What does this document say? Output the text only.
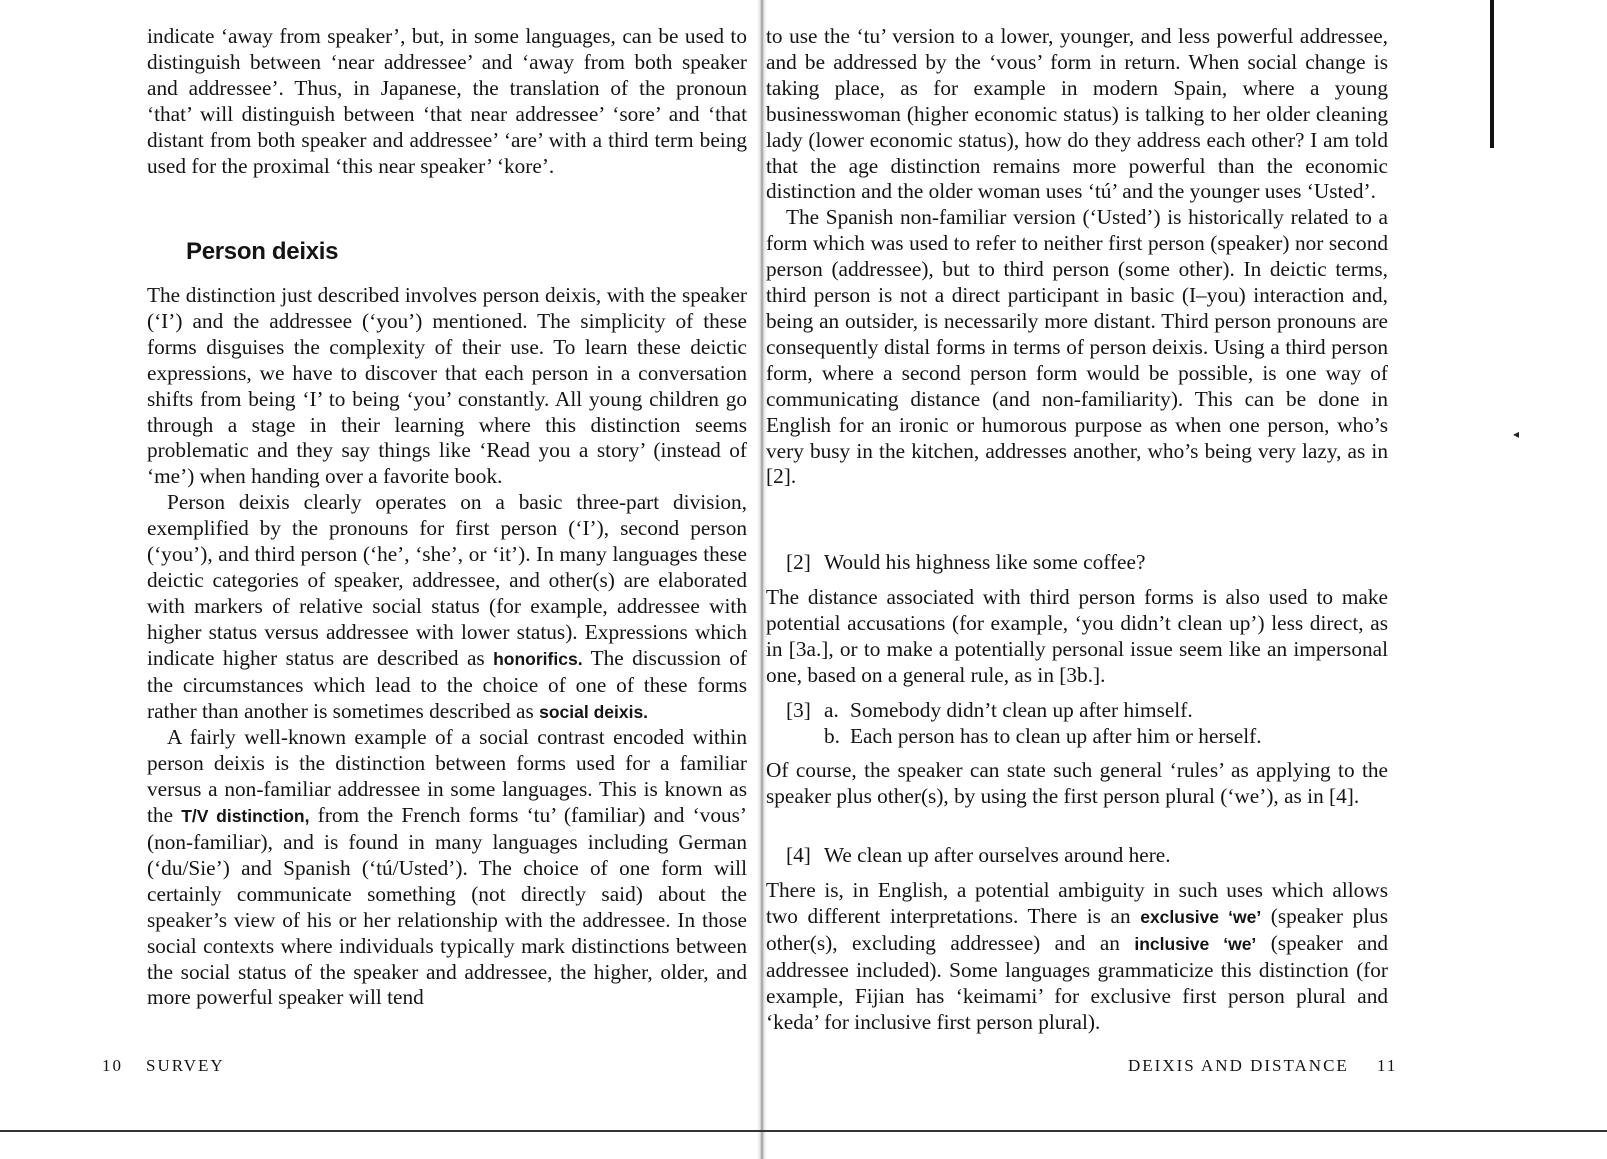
indicate ‘away from speaker’, but, in some languages, can be used to distinguish between ‘near addressee’ and ‘away from both speaker and addressee’. Thus, in Japanese, the translation of the pronoun ‘that’ will distinguish between ‘that near addressee’ ‘sore’ and ‘that distant from both speaker and addressee’ ‘are’ with a third term being used for the proximal ‘this near speaker’ ‘kore’.

Person deixis

The distinction just described involves person deixis, with the speaker (‘I’) and the addressee (‘you’) mentioned. The simplicity of these forms disguises the complexity of their use. To learn these deictic expressions, we have to discover that each person in a conversation shifts from being ‘I’ to being ‘you’ constantly. All young children go through a stage in their learning where this distinction seems problematic and they say things like ‘Read you a story’ (instead of ‘me’) when handing over a favorite book.

Person deixis clearly operates on a basic three-part division, exemplified by the pronouns for first person (‘I’), second person (‘you’), and third person (‘he’, ‘she’, or ‘it’). In many languages these deictic categories of speaker, addressee, and other(s) are elaborated with markers of relative social status (for example, addressee with higher status versus addressee with lower status). Expressions which indicate higher status are described as honorifics. The discussion of the circumstances which lead to the choice of one of these forms rather than another is sometimes described as social deixis.

A fairly well-known example of a social contrast encoded within person deixis is the distinction between forms used for a familiar versus a non-familiar addressee in some languages. This is known as the T/V distinction, from the French forms ‘tu’ (familiar) and ‘vous’ (non-familiar), and is found in many languages including German (‘du/Sie’) and Spanish (‘tú/Usted’). The choice of one form will certainly communicate something (not directly said) about the speaker’s view of his or her relationship with the addressee. In those social contexts where individuals typically mark distinctions between the social status of the speaker and addressee, the higher, older, and more powerful speaker will tend

10 SURVEY

to use the ‘tu’ version to a lower, younger, and less powerful addressee, and be addressed by the ‘vous’ form in return. When social change is taking place, as for example in modern Spain, where a young businesswoman (higher economic status) is talking to her older cleaning lady (lower economic status), how do they address each other? I am told that the age distinction remains more powerful than the economic distinction and the older woman uses ‘tú’ and the younger uses ‘Usted’.

The Spanish non-familiar version (‘Usted’) is historically related to a form which was used to refer to neither first person (speaker) nor second person (addressee), but to third person (some other). In deictic terms, third person is not a direct participant in basic (I–you) interaction and, being an outsider, is necessarily more distant. Third person pronouns are consequently distal forms in terms of person deixis. Using a third person form, where a second person form would be possible, is one way of communicating distance (and non-familiarity). This can be done in English for an ironic or humorous purpose as when one person, who’s very busy in the kitchen, addresses another, who’s being very lazy, as in [2].

[2] Would his highness like some coffee?

The distance associated with third person forms is also used to make potential accusations (for example, ‘you didn’t clean up’) less direct, as in [3a.], or to make a potentially personal issue seem like an impersonal one, based on a general rule, as in [3b.].

[3] a. Somebody didn’t clean up after himself.
b. Each person has to clean up after him or herself.

Of course, the speaker can state such general ‘rules’ as applying to the speaker plus other(s), by using the first person plural (‘we’), as in [4].

[4] We clean up after ourselves around here.

There is, in English, a potential ambiguity in such uses which allows two different interpretations. There is an exclusive ‘we’ (speaker plus other(s), excluding addressee) and an inclusive ‘we’ (speaker and addressee included). Some languages grammaticize this distinction (for example, Fijian has ‘keimami’ for exclusive first person plural and ‘keda’ for inclusive first person plural).

DEIXIS AND DISTANCE 11
◂
